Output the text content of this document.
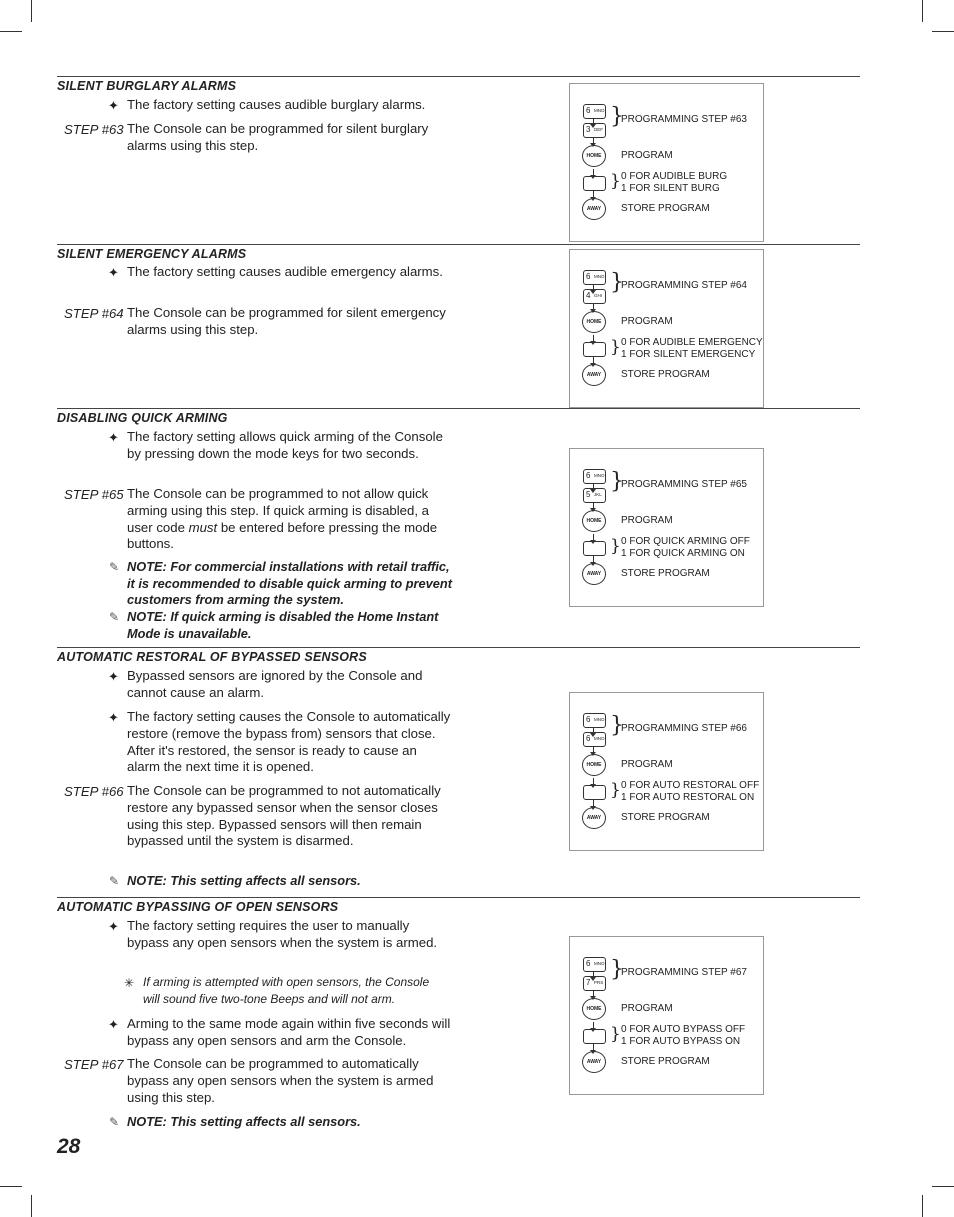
SILENT BURGLARY ALARMS
✦ The factory setting causes audible burglary alarms.
STEP #63 The Console can be programmed for silent burglary alarms using this step.
SILENT EMERGENCY ALARMS
✦ The factory setting causes audible emergency alarms.
STEP #64 The Console can be programmed for silent emergency alarms using this step.
DISABLING QUICK ARMING
✦ The factory setting allows quick arming of the Console by pressing down the mode keys for two seconds.
STEP #65 The Console can be programmed to not allow quick arming using this step. If quick arming is disabled, a user code must be entered before pressing the mode buttons.
✎ NOTE: For commercial installations with retail traffic, it is recommended to disable quick arming to prevent customers from arming the system.
✎ NOTE: If quick arming is disabled the Home Instant Mode is unavailable.
AUTOMATIC RESTORAL OF BYPASSED SENSORS
✦ Bypassed sensors are ignored by the Console and cannot cause an alarm.
✦ The factory setting causes the Console to automatically restore (remove the bypass from) sensors that close. After it's restored, the sensor is ready to cause an alarm the next time it is opened.
STEP #66 The Console can be programmed to not automatically restore any bypassed sensor when the sensor closes using this step. Bypassed sensors will then remain bypassed until the system is disarmed.
✎ NOTE: This setting affects all sensors.
AUTOMATIC BYPASSING OF OPEN SENSORS
✦ The factory setting requires the user to manually bypass any open sensors when the system is armed.
✳ If arming is attempted with open sensors, the Console will sound five two-tone Beeps and will not arm.
✦ Arming to the same mode again within five seconds will bypass any open sensors and arm the Console.
STEP #67 The Console can be programmed to automatically bypass any open sensors when the system is armed using this step.
✎ NOTE: This setting affects all sensors.
6 MNO
3 DEF
}
PROGRAMMING STEP #63
HOME	PROGRAM
} 0 FOR AUDIBLE BURG
1 FOR SILENT BURG
AWAY	STORE PROGRAM
6 MNO
4 GHI
}
PROGRAMMING STEP #64
HOME	PROGRAM
} 0 FOR AUDIBLE EMERGENCY
1 FOR SILENT EMERGENCY
AWAY	STORE PROGRAM
6 MNO
5 JKL
}
PROGRAMMING STEP #65
HOME	PROGRAM
} 0 FOR QUICK ARMING OFF
1 FOR QUICK ARMING ON
AWAY	STORE PROGRAM
6 MNO
6 MNO
}
PROGRAMMING STEP #66
HOME	PROGRAM
} 0 FOR AUTO RESTORAL OFF
1 FOR AUTO RESTORAL ON
AWAY	STORE PROGRAM
6 MNO
7 PRS
}
PROGRAMMING STEP #67
HOME	PROGRAM
} 0 FOR AUTO BYPASS OFF
1 FOR AUTO BYPASS ON
AWAY	STORE PROGRAM
28
